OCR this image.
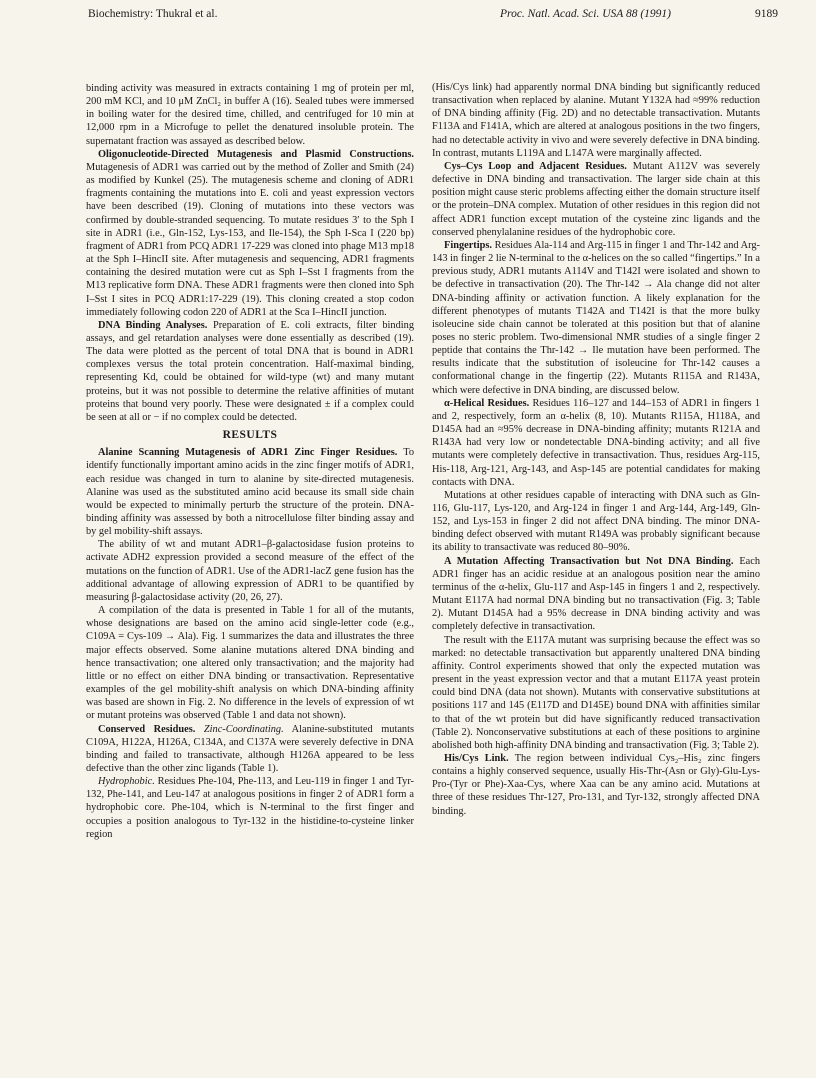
Biochemistry: Thukral et al.	Proc. Natl. Acad. Sci. USA 88 (1991)	9189

binding activity was measured in extracts containing 1 mg of protein per ml, 200 mM KCl, and 10 μM ZnCl₂ in buffer A (16). Sealed tubes were immersed in boiling water for the desired time, chilled, and centrifuged for 10 min at 12,000 rpm in a Microfuge to pellet the denatured insoluble protein. The supernatant fraction was assayed as described below.

Oligonucleotide-Directed Mutagenesis and Plasmid Constructions. Mutagenesis of ADR1 was carried out by the method of Zoller and Smith (24) as modified by Kunkel (25). The mutagenesis scheme and cloning of ADR1 fragments containing the mutations into E. coli and yeast expression vectors have been described (19). Cloning of mutations into these vectors was confirmed by double-stranded sequencing. To mutate residues 3′ to the Sph I site in ADR1 (i.e., Gln-152, Lys-153, and Ile-154), the Sph I-Sca I (220 bp) fragment of ADR1 from PCQ ADR1 17-229 was cloned into phage M13 mp18 at the Sph I–HincII site. After mutagenesis and sequencing, ADR1 fragments containing the desired mutation were cut as Sph I–Sst I fragments from the M13 replicative form DNA. These ADR1 fragments were then cloned into Sph I–Sst I sites in PCQ ADR1:17-229 (19). This cloning created a stop codon immediately following codon 220 of ADR1 at the Sca I–HincII junction.

DNA Binding Analyses. Preparation of E. coli extracts, filter binding assays, and gel retardation analyses were done essentially as described (19). The data were plotted as the percent of total DNA that is bound in ADR1 complexes versus the total protein concentration. Half-maximal binding, representing Kd, could be obtained for wild-type (wt) and many mutant proteins, but it was not possible to determine the relative affinities of mutant proteins that bound very poorly. These were designated ± if a complex could be seen at all or − if no complex could be detected.

RESULTS

Alanine Scanning Mutagenesis of ADR1 Zinc Finger Residues. To identify functionally important amino acids in the zinc finger motifs of ADR1, each residue was changed in turn to alanine by site-directed mutagenesis. Alanine was used as the substituted amino acid because its small side chain would be expected to minimally perturb the structure of the protein. DNA-binding affinity was assessed by both a nitrocellulose filter binding assay and by gel mobility-shift assays.

The ability of wt and mutant ADR1–β-galactosidase fusion proteins to activate ADH2 expression provided a second measure of the effect of the mutations on the function of ADR1. Use of the ADR1-lacZ gene fusion has the additional advantage of allowing expression of ADR1 to be quantified by measuring β-galactosidase activity (20, 26, 27).

A compilation of the data is presented in Table 1 for all of the mutants, whose designations are based on the amino acid single-letter code (e.g., C109A = Cys-109 → Ala). Fig. 1 summarizes the data and illustrates the three major effects observed. Some alanine mutations altered DNA binding and hence transactivation; one altered only transactivation; and the majority had little or no effect on either DNA binding or transactivation. Representative examples of the gel mobility-shift analysis on which DNA-binding affinity was based are shown in Fig. 2. No difference in the levels of expression of wt or mutant proteins was observed (Table 1 and data not shown).

Conserved Residues. Zinc-Coordinating. Alanine-substituted mutants C109A, H122A, H126A, C134A, and C137A were severely defective in DNA binding and failed to transactivate, although H126A appeared to be less defective than the other zinc ligands (Table 1).

Hydrophobic. Residues Phe-104, Phe-113, and Leu-119 in finger 1 and Tyr-132, Phe-141, and Leu-147 at analogous positions in finger 2 of ADR1 form a hydrophobic core. Phe-104, which is N-terminal to the first finger and occupies a position analogous to Tyr-132 in the histidine-to-cysteine linker region

(His/Cys link) had apparently normal DNA binding but significantly reduced transactivation when replaced by alanine. Mutant Y132A had ≈99% reduction of DNA binding affinity (Fig. 2D) and no detectable transactivation. Mutants F113A and F141A, which are altered at analogous positions in the two fingers, had no detectable activity in vivo and were severely defective in DNA binding. In contrast, mutants L119A and L147A were marginally affected.

Cys–Cys Loop and Adjacent Residues. Mutant A112V was severely defective in DNA binding and transactivation. The larger side chain at this position might cause steric problems affecting either the domain structure itself or the protein–DNA complex. Mutation of other residues in this region did not affect ADR1 function except mutation of the cysteine zinc ligands and the conserved phenylalanine residues of the hydrophobic core.

Fingertips. Residues Ala-114 and Arg-115 in finger 1 and Thr-142 and Arg-143 in finger 2 lie N-terminal to the α-helices on the so called “fingertips.” In a previous study, ADR1 mutants A114V and T142I were isolated and shown to be defective in transactivation (20). The Thr-142 → Ala change did not alter DNA-binding affinity or activation function. A likely explanation for the different phenotypes of mutants T142A and T142I is that the more bulky isoleucine side chain cannot be tolerated at this position but that of alanine poses no steric problem. Two-dimensional NMR studies of a single finger 2 peptide that contains the Thr-142 → Ile mutation have been performed. The results indicate that the substitution of isoleucine for Thr-142 causes a conformational change in the fingertip (22). Mutants R115A and R143A, which were defective in DNA binding, are discussed below.

α-Helical Residues. Residues 116–127 and 144–153 of ADR1 in fingers 1 and 2, respectively, form an α-helix (8, 10). Mutants R115A, H118A, and D145A had an ≈95% decrease in DNA-binding affinity; mutants R121A and R143A had very low or nondetectable DNA-binding activity; and all five mutants were completely defective in transactivation. Thus, residues Arg-115, His-118, Arg-121, Arg-143, and Asp-145 are potential candidates for making contacts with DNA.

Mutations at other residues capable of interacting with DNA such as Gln-116, Glu-117, Lys-120, and Arg-124 in finger 1 and Arg-144, Arg-149, Gln-152, and Lys-153 in finger 2 did not affect DNA binding. The minor DNA-binding defect observed with mutant R149A was probably significant because its ability to transactivate was reduced 80–90%.

A Mutation Affecting Transactivation but Not DNA Binding. Each ADR1 finger has an acidic residue at an analogous position near the amino terminus of the α-helix, Glu-117 and Asp-145 in fingers 1 and 2, respectively. Mutant E117A had normal DNA binding but no transactivation (Fig. 3; Table 2). Mutant D145A had a 95% decrease in DNA binding activity and was completely defective in transactivation.

The result with the E117A mutant was surprising because the effect was so marked: no detectable transactivation but apparently unaltered DNA binding affinity. Control experiments showed that only the expected mutation was present in the yeast expression vector and that a mutant E117A yeast protein could bind DNA (data not shown). Mutants with conservative substitutions at positions 117 and 145 (E117D and D145E) bound DNA with affinities similar to that of the wt protein but did have significantly reduced transactivation (Table 2). Nonconservative substitutions at each of these positions to arginine abolished both high-affinity DNA binding and transactivation (Fig. 3; Table 2).

His/Cys Link. The region between individual Cys₂–His₂ zinc fingers contains a highly conserved sequence, usually His-Thr-(Asn or Gly)-Glu-Lys-Pro-(Tyr or Phe)-Xaa-Cys, where Xaa can be any amino acid. Mutations at three of these residues Thr-127, Pro-131, and Tyr-132, strongly affected DNA binding.
